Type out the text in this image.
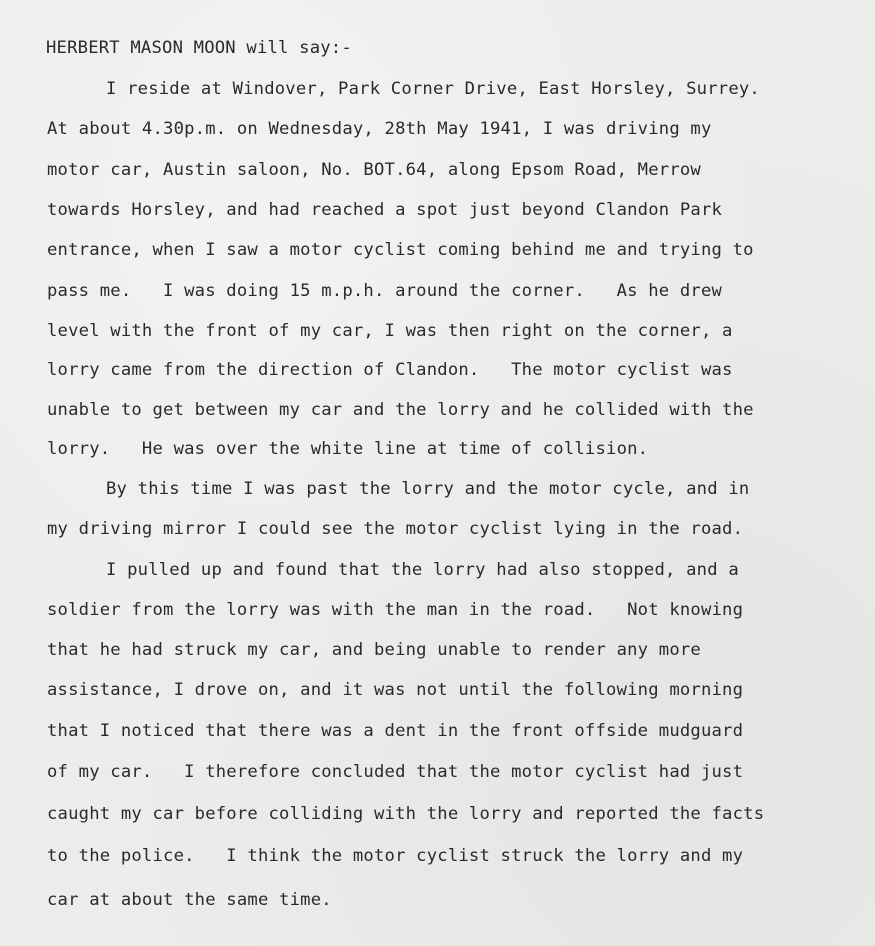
HERBERT MASON MOON will say:-
I reside at Windover, Park Corner Drive, East Horsley, Surrey.
At about 4.30p.m. on Wednesday, 28th May 1941, I was driving my
motor car, Austin saloon, No. BOT.64, along Epsom Road, Merrow
towards Horsley, and had reached a spot just beyond Clandon Park
entrance, when I saw a motor cyclist coming behind me and trying to
pass me.   I was doing 15 m.p.h. around the corner.   As he drew
level with the front of my car, I was then right on the corner, a
lorry came from the direction of Clandon.   The motor cyclist was
unable to get between my car and the lorry and he collided with the
lorry.   He was over the white line at time of collision.
By this time I was past the lorry and the motor cycle, and in
my driving mirror I could see the motor cyclist lying in the road.
I pulled up and found that the lorry had also stopped, and a
soldier from the lorry was with the man in the road.   Not knowing
that he had struck my car, and being unable to render any more
assistance, I drove on, and it was not until the following morning
that I noticed that there was a dent in the front offside mudguard
of my car.   I therefore concluded that the motor cyclist had just
caught my car before colliding with the lorry and reported the facts
to the police.   I think the motor cyclist struck the lorry and my
car at about the same time.
